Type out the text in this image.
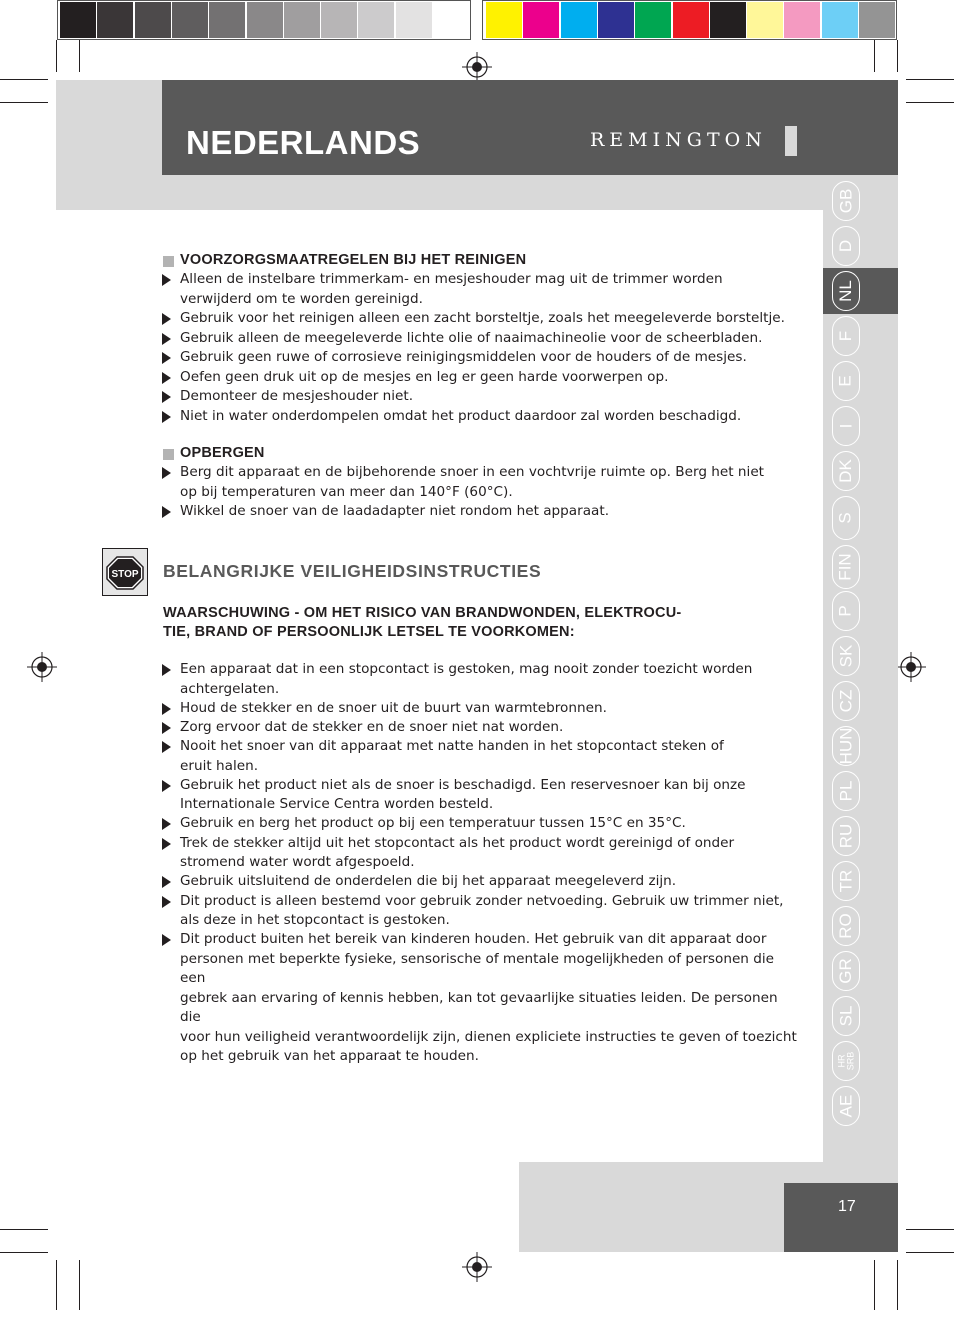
NEDERLANDS	REMINGTON
GB
D
NL
F
E
I
DK
S
FIN
P
SK
CZ
HUN
PL
RU
TR
RO
GR
SL
HR
SRB
AE
VOORZORGSMAATREGELEN BIJ HET REINIGEN
Alleen de instelbare trimmerkam- en mesjeshouder mag uit de trimmer worden
verwijderd om te worden gereinigd.
Gebruik voor het reinigen alleen een zacht borsteltje, zoals het meegeleverde borsteltje.
Gebruik alleen de meegeleverde lichte olie of naaimachineolie voor de scheerbladen.
Gebruik geen ruwe of corrosieve reinigingsmiddelen voor de houders of de mesjes.
Oefen geen druk uit op de mesjes en leg er geen harde voorwerpen op.
Demonteer de mesjeshouder niet.
Niet in water onderdompelen omdat het product daardoor zal worden beschadigd.
OPBERGEN
Berg dit apparaat en de bijbehorende snoer in een vochtvrije ruimte op. Berg het niet
op bij temperaturen van meer dan 140°F (60°C).
Wikkel de snoer van de laadadapter niet rondom het apparaat.
STOP BELANGRIJKE VEILIGHEIDSINSTRUCTIES
WAARSCHUWING - OM HET RISICO VAN BRANDWONDEN, ELEKTROCU-
TIE, BRAND OF PERSOONLIJK LETSEL TE VOORKOMEN:
Een apparaat dat in een stopcontact is gestoken, mag nooit zonder toezicht worden
achtergelaten.
Houd de stekker en de snoer uit de buurt van warmtebronnen.
Zorg ervoor dat de stekker en de snoer niet nat worden.
Nooit het snoer van dit apparaat met natte handen in het stopcontact steken of
eruit halen.
Gebruik het product niet als de snoer is beschadigd. Een reservesnoer kan bij onze
Internationale Service Centra worden besteld.
Gebruik en berg het product op bij een temperatuur tussen 15°C en 35°C.
Trek de stekker altijd uit het stopcontact als het product wordt gereinigd of onder
stromend water wordt afgespoeld.
Gebruik uitsluitend de onderdelen die bij het apparaat meegeleverd zijn.
Dit product is alleen bestemd voor gebruik zonder netvoeding. Gebruik uw trimmer niet,
als deze in het stopcontact is gestoken.
Dit product buiten het bereik van kinderen houden. Het gebruik van dit apparaat door
personen met beperkte fysieke, sensorische of mentale mogelijkheden of personen die een
gebrek aan ervaring of kennis hebben, kan tot gevaarlijke situaties leiden. De personen die
voor hun veiligheid verantwoordelijk zijn, dienen expliciete instructies te geven of toezicht
op het gebruik van het apparaat te houden.
17
